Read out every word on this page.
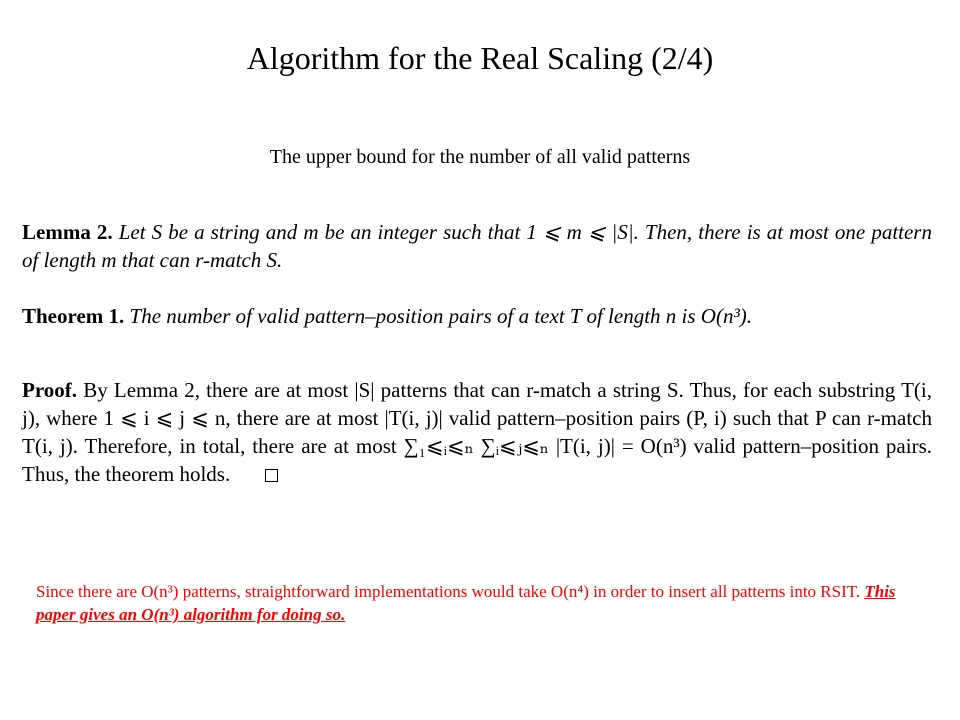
Algorithm for the Real Scaling (2/4)
The upper bound for the number of all valid patterns
Lemma 2. Let S be a string and m be an integer such that 1 ⩽ m ⩽ |S|. Then, there is at most one pattern of length m that can r-match S.
Theorem 1. The number of valid pattern–position pairs of a text T of length n is O(n³).
Proof. By Lemma 2, there are at most |S| patterns that can r-match a string S. Thus, for each substring T(i, j), where 1 ⩽ i ⩽ j ⩽ n, there are at most |T(i, j)| valid pattern–position pairs (P, i) such that P can r-match T(i, j). Therefore, in total, there are at most ∑₁⩽ᵢ⩽ₙ ∑ᵢ⩽ⱼ⩽ₙ |T(i, j)| = O(n³) valid pattern–position pairs. Thus, the theorem holds.
Since there are O(n³) patterns, straightforward implementations would take O(n⁴) in order to insert all patterns into RSIT. This paper gives an O(n³) algorithm for doing so.
